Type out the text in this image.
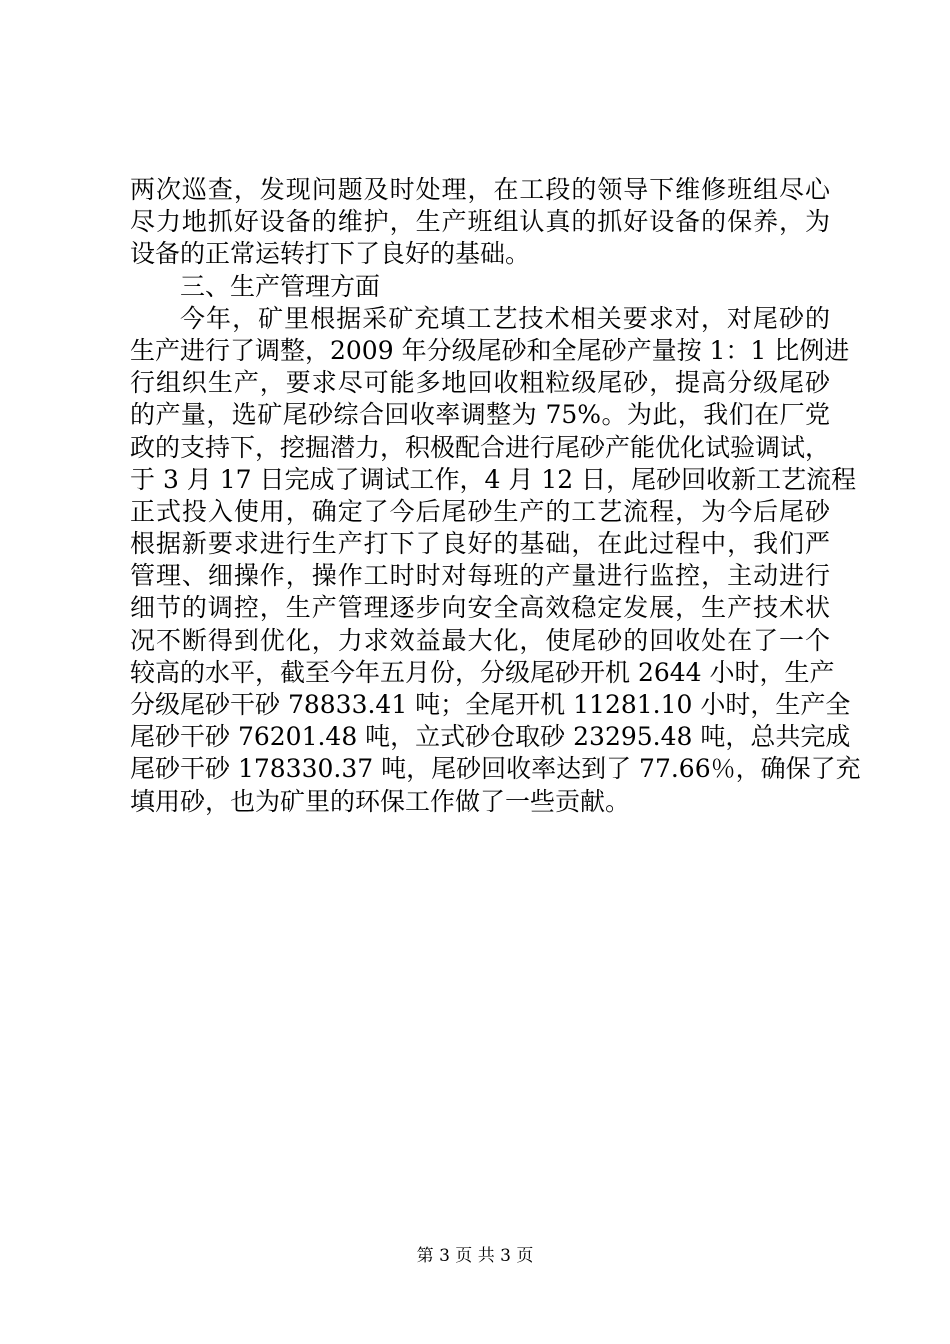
两次巡查，发现问题及时处理，在工段的领导下维修班组尽心
尽力地抓好设备的维护，生产班组认真的抓好设备的保养，为
设备的正常运转打下了良好的基础。
三、生产管理方面
今年，矿里根据采矿充填工艺技术相关要求对，对尾砂的
生产进行了调整，2009 年分级尾砂和全尾砂产量按 1：1 比例进
行组织生产，要求尽可能多地回收粗粒级尾砂，提高分级尾砂
的产量，选矿尾砂综合回收率调整为 75%。为此，我们在厂党
政的支持下，挖掘潜力，积极配合进行尾砂产能优化试验调试，
于 3 月 17 日完成了调试工作，4 月 12 日，尾砂回收新工艺流程
正式投入使用，确定了今后尾砂生产的工艺流程，为今后尾砂
根据新要求进行生产打下了良好的基础，在此过程中，我们严
管理、细操作，操作工时时对每班的产量进行监控，主动进行
细节的调控，生产管理逐步向安全高效稳定发展，生产技术状
况不断得到优化，力求效益最大化，使尾砂的回收处在了一个
较高的水平，截至今年五月份，分级尾砂开机 2644 小时，生产
分级尾砂干砂 78833.41 吨；全尾开机 11281.10 小时，生产全
尾砂干砂 76201.48 吨，立式砂仓取砂 23295.48 吨，总共完成
尾砂干砂 178330.37 吨，尾砂回收率达到了 77.66％，确保了充
填用砂，也为矿里的环保工作做了一些贡献。
第 3 页 共 3 页
